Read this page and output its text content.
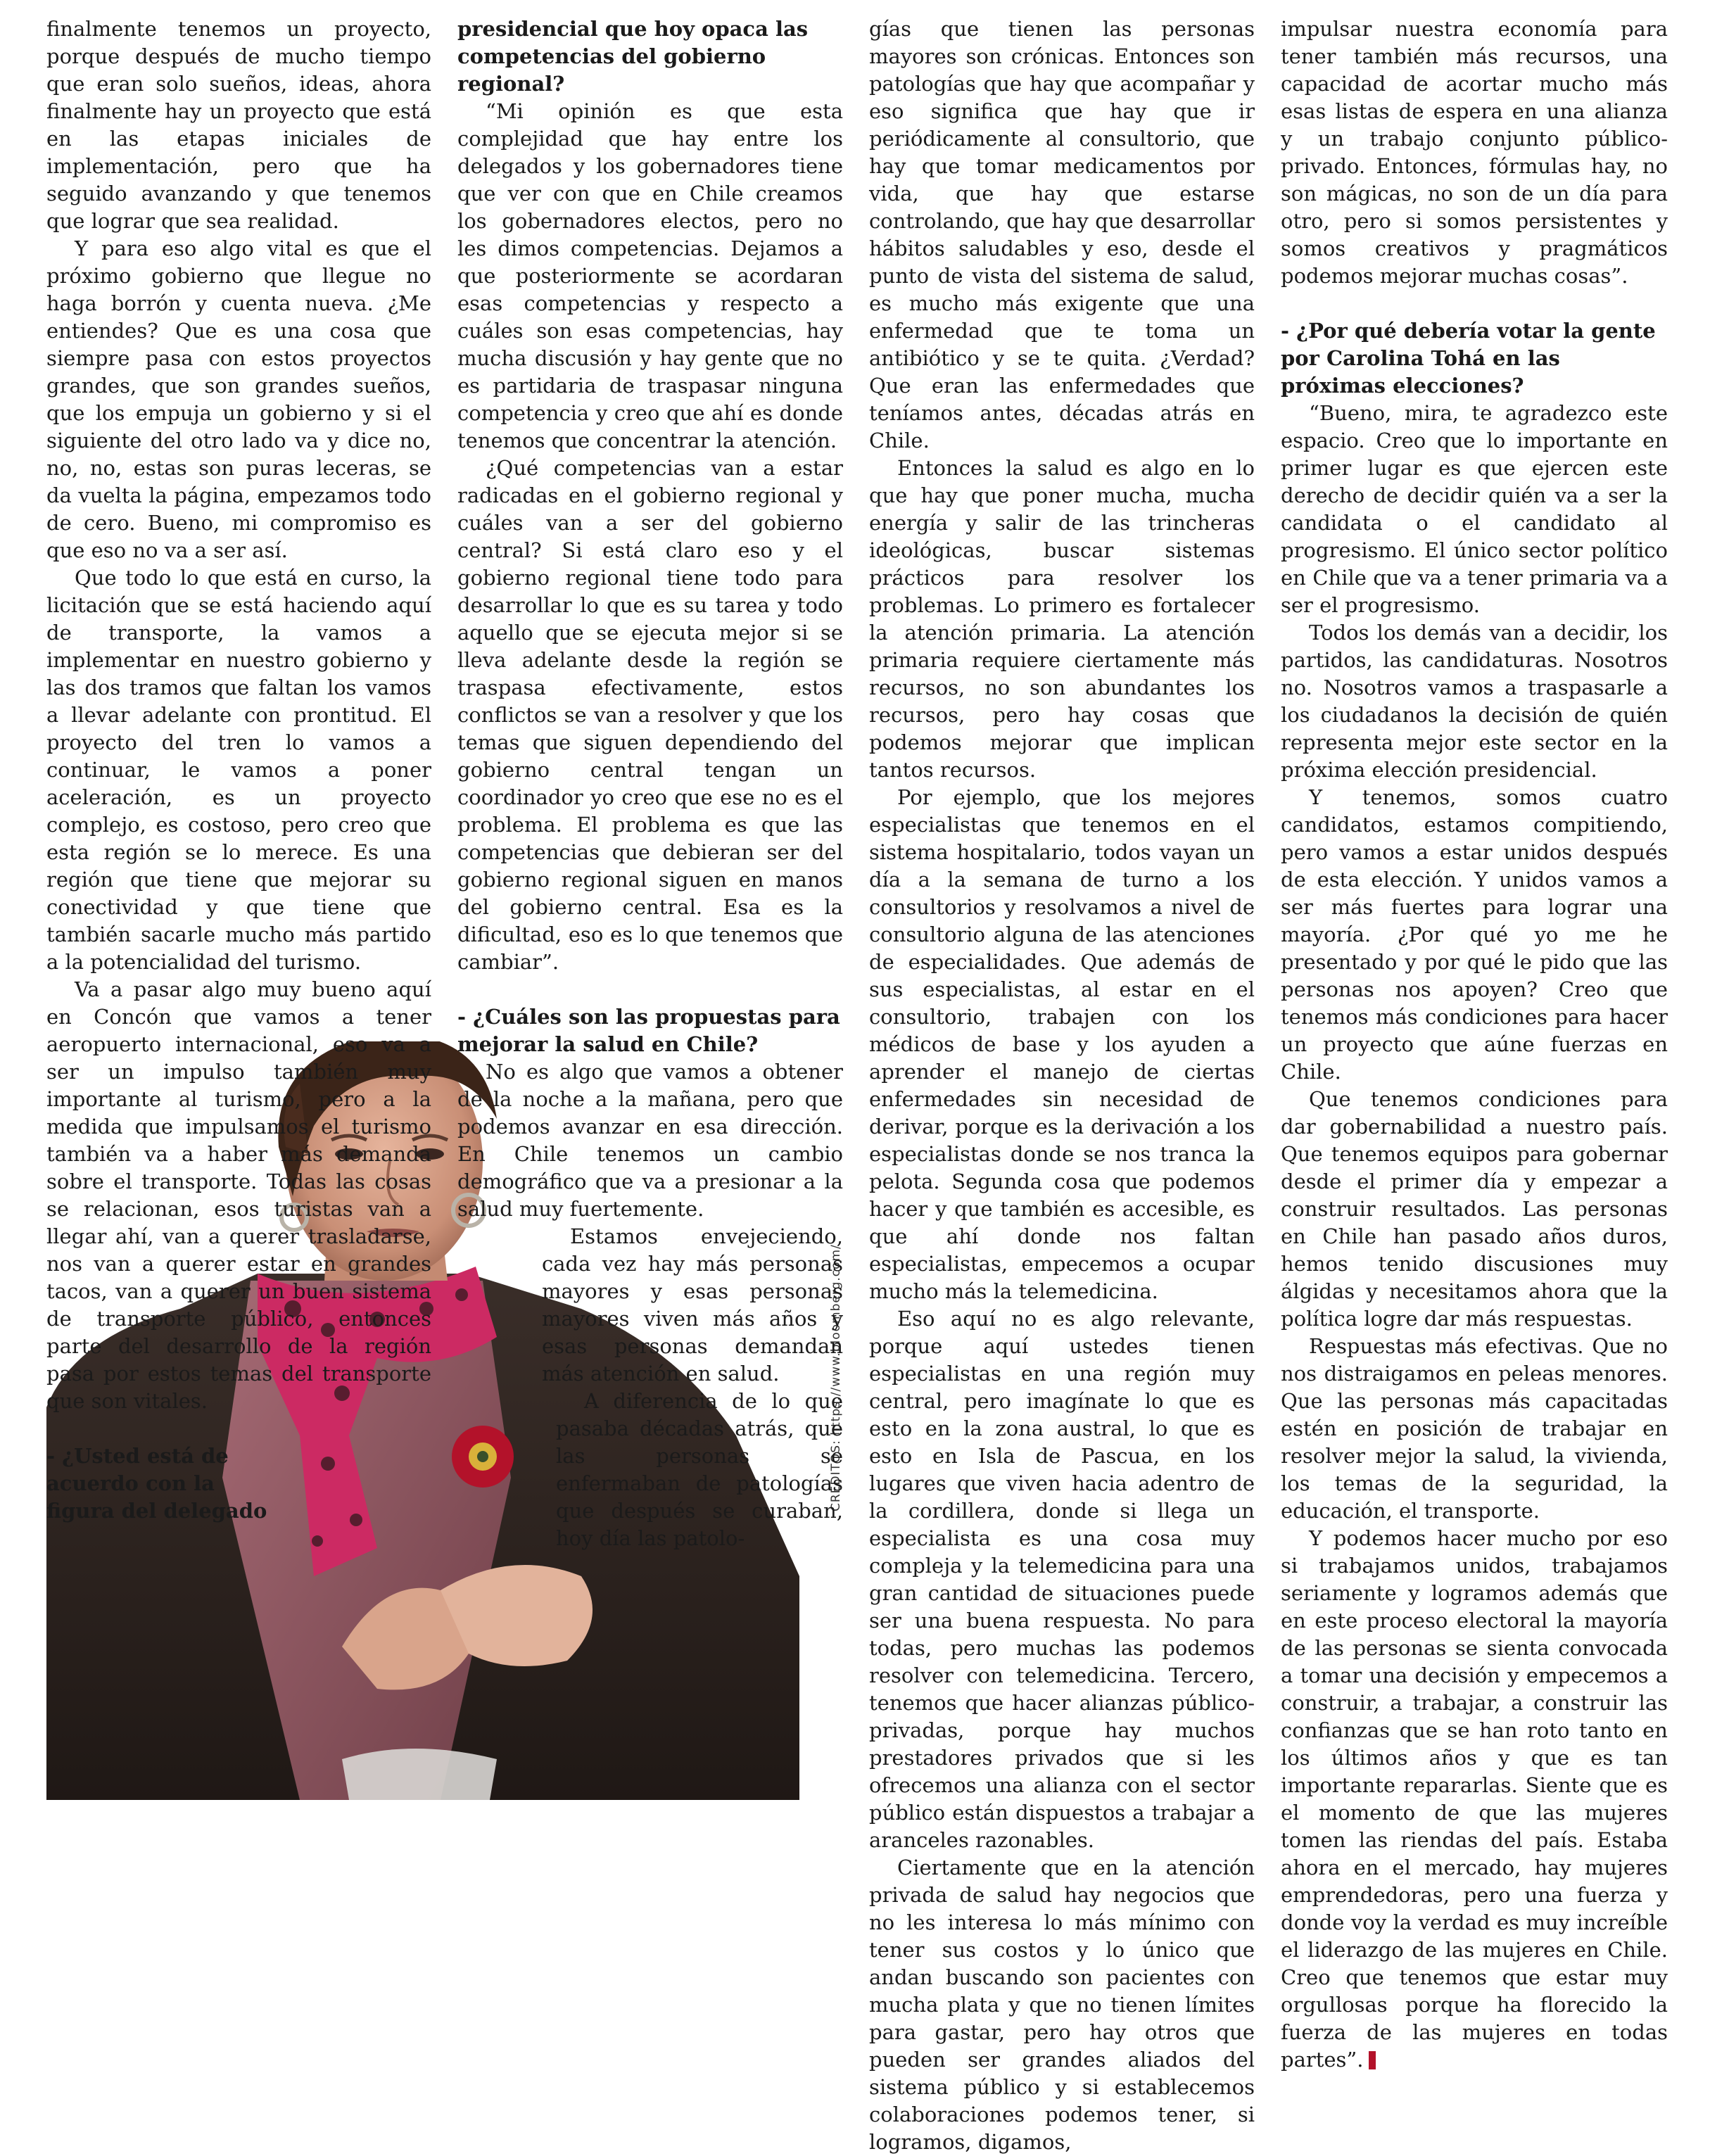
CREDITOS: https://www.bloomberg.com/

finalmente tenemos un proyecto, porque después de mucho tiempo que eran solo sueños, ideas, ahora finalmente hay un proyecto que está en las etapas iniciales de implementación, pero que ha seguido avanzando y que tenemos que lograr que sea realidad.

Y para eso algo vital es que el próximo gobierno que llegue no haga borrón y cuenta nueva. ¿Me entiendes? Que es una cosa que siempre pasa con estos proyectos grandes, que son grandes sueños, que los empuja un gobierno y si el siguiente del otro lado va y dice no, no, no, estas son puras leceras, se da vuelta la página, empezamos todo de cero. Bueno, mi compromiso es que eso no va a ser así.

Que todo lo que está en curso, la licitación que se está haciendo aquí de transporte, la vamos a implementar en nuestro gobierno y las dos tramos que faltan los vamos a llevar adelante con prontitud. El proyecto del tren lo vamos a continuar, le vamos a poner aceleración, es un proyecto complejo, es costoso, pero creo que esta región se lo merece. Es una región que tiene que mejorar su conectividad y que tiene que también sacarle mucho más partido a la potencialidad del turismo.

Va a pasar algo muy bueno aquí en Concón que vamos a tener aeropuerto internacional, eso va a ser un impulso también muy importante al turismo, pero a la medida que impulsamos el turismo también va a haber más demanda sobre el transporte. Todas las cosas se relacionan, esos turistas van a llegar ahí, van a querer trasladarse, nos van a querer estar en grandes tacos, van a querer un buen sistema de transporte público, entonces parte del desarrollo de la región pasa por estos temas del transporte que son vitales.

- ¿Usted está de acuerdo con la figura del delegado
presidencial que hoy opaca las competencias del gobierno regional?

“Mi opinión es que esta complejidad que hay entre los delegados y los gobernadores tiene que ver con que en Chile creamos los gobernadores electos, pero no les dimos competencias. Dejamos a que posteriormente se acordaran esas competencias y respecto a cuáles son esas competencias, hay mucha discusión y hay gente que no es partidaria de traspasar ninguna competencia y creo que ahí es donde tenemos que concentrar la atención.

¿Qué competencias van a estar radicadas en el gobierno regional y cuáles van a ser del gobierno central? Si está claro eso y el gobierno regional tiene todo para desarrollar lo que es su tarea y todo aquello que se ejecuta mejor si se lleva adelante desde la región se traspasa efectivamente, estos conflictos se van a resolver y que los temas que siguen dependiendo del gobierno central tengan un coordinador yo creo que ese no es el problema. El problema es que las competencias que debieran ser del gobierno regional siguen en manos del gobierno central. Esa es la dificultad, eso es lo que tenemos que cambiar”.

- ¿Cuáles son las propuestas para mejorar la salud en Chile?

No es algo que vamos a obtener de la noche a la mañana, pero que podemos avanzar en esa dirección. En Chile tenemos un cambio demográfico que va a presionar a la salud muy fuertemente.

Estamos envejeciendo, cada vez hay más personas mayores y esas personas mayores viven más años y esas personas demandan más atención en salud.

A diferencia de lo que pasaba décadas atrás, que las personas se enfermaban de patologías que después se curaban, hoy día las patolo-

gías que tienen las personas mayores son crónicas. Entonces son patologías que hay que acompañar y eso significa que hay que ir periódicamente al consultorio, que hay que tomar medicamentos por vida, que hay que estarse controlando, que hay que desarrollar hábitos saludables y eso, desde el punto de vista del sistema de salud, es mucho más exigente que una enfermedad que te toma un antibiótico y se te quita. ¿Verdad? Que eran las enfermedades que teníamos antes, décadas atrás en Chile.

Entonces la salud es algo en lo que hay que poner mucha, mucha energía y salir de las trincheras ideológicas, buscar sistemas prácticos para resolver los problemas. Lo primero es fortalecer la atención primaria. La atención primaria requiere ciertamente más recursos, no son abundantes los recursos, pero hay cosas que podemos mejorar que implican tantos recursos.

Por ejemplo, que los mejores especialistas que tenemos en el sistema hospitalario, todos vayan un día a la semana de turno a los consultorios y resolvamos a nivel de consultorio alguna de las atenciones de especialidades. Que además de sus especialistas, al estar en el consultorio, trabajen con los médicos de base y los ayuden a aprender el manejo de ciertas enfermedades sin necesidad de derivar, porque es la derivación a los especialistas donde se nos tranca la pelota. Segunda cosa que podemos hacer y que también es accesible, es que ahí donde nos faltan especialistas, empecemos a ocupar mucho más la telemedicina.

Eso aquí no es algo relevante, porque aquí ustedes tienen especialistas en una región muy central, pero imagínate lo que es esto en la zona austral, lo que es esto en Isla de Pascua, en los lugares que viven hacia adentro de la cordillera, donde si llega un especialista es una cosa muy compleja y la telemedicina para una gran cantidad de situaciones puede ser una buena respuesta. No para todas, pero muchas las podemos resolver con telemedicina. Tercero, tenemos que hacer alianzas público-privadas, porque hay muchos prestadores privados que si les ofrecemos una alianza con el sector público están dispuestos a trabajar a aranceles razonables.

Ciertamente que en la atención privada de salud hay negocios que no les interesa lo más mínimo con tener sus costos y lo único que andan buscando son pacientes con mucha plata y que no tienen límites para gastar, pero hay otros que pueden ser grandes aliados del sistema público y si establecemos colaboraciones podemos tener, si logramos, digamos,

impulsar nuestra economía para tener también más recursos, una capacidad de acortar mucho más esas listas de espera en una alianza y un trabajo conjunto público-privado. Entonces, fórmulas hay, no son mágicas, no son de un día para otro, pero si somos persistentes y somos creativos y pragmáticos podemos mejorar muchas cosas”.

- ¿Por qué debería votar la gente por Carolina Tohá en las próximas elecciones?

“Bueno, mira, te agradezco este espacio. Creo que lo importante en primer lugar es que ejercen este derecho de decidir quién va a ser la candidata o el candidato al progresismo. El único sector político en Chile que va a tener primaria va a ser el progresismo.

Todos los demás van a decidir, los partidos, las candidaturas. Nosotros no. Nosotros vamos a traspasarle a los ciudadanos la decisión de quién representa mejor este sector en la próxima elección presidencial.

Y tenemos, somos cuatro candidatos, estamos compitiendo, pero vamos a estar unidos después de esta elección. Y unidos vamos a ser más fuertes para lograr una mayoría. ¿Por qué yo me he presentado y por qué le pido que las personas nos apoyen? Creo que tenemos más condiciones para hacer un proyecto que aúne fuerzas en Chile.

Que tenemos condiciones para dar gobernabilidad a nuestro país. Que tenemos equipos para gobernar desde el primer día y empezar a construir resultados. Las personas en Chile han pasado años duros, hemos tenido discusiones muy álgidas y necesitamos ahora que la política logre dar más respuestas.

Respuestas más efectivas. Que no nos distraigamos en peleas menores. Que las personas más capacitadas estén en posición de trabajar en resolver mejor la salud, la vivienda, los temas de la seguridad, la educación, el transporte.

Y podemos hacer mucho por eso si trabajamos unidos, trabajamos seriamente y logramos además que en este proceso electoral la mayoría de las personas se sienta convocada a tomar una decisión y empecemos a construir, a trabajar, a construir las confianzas que se han roto tanto en los últimos años y que es tan importante repararlas. Siente que es el momento de que las mujeres tomen las riendas del país. Estaba ahora en el mercado, hay mujeres emprendedoras, pero una fuerza y donde voy la verdad es muy increíble el liderazgo de las mujeres en Chile. Creo que tenemos que estar muy orgullosas porque ha florecido la fuerza de las mujeres en todas partes”.
